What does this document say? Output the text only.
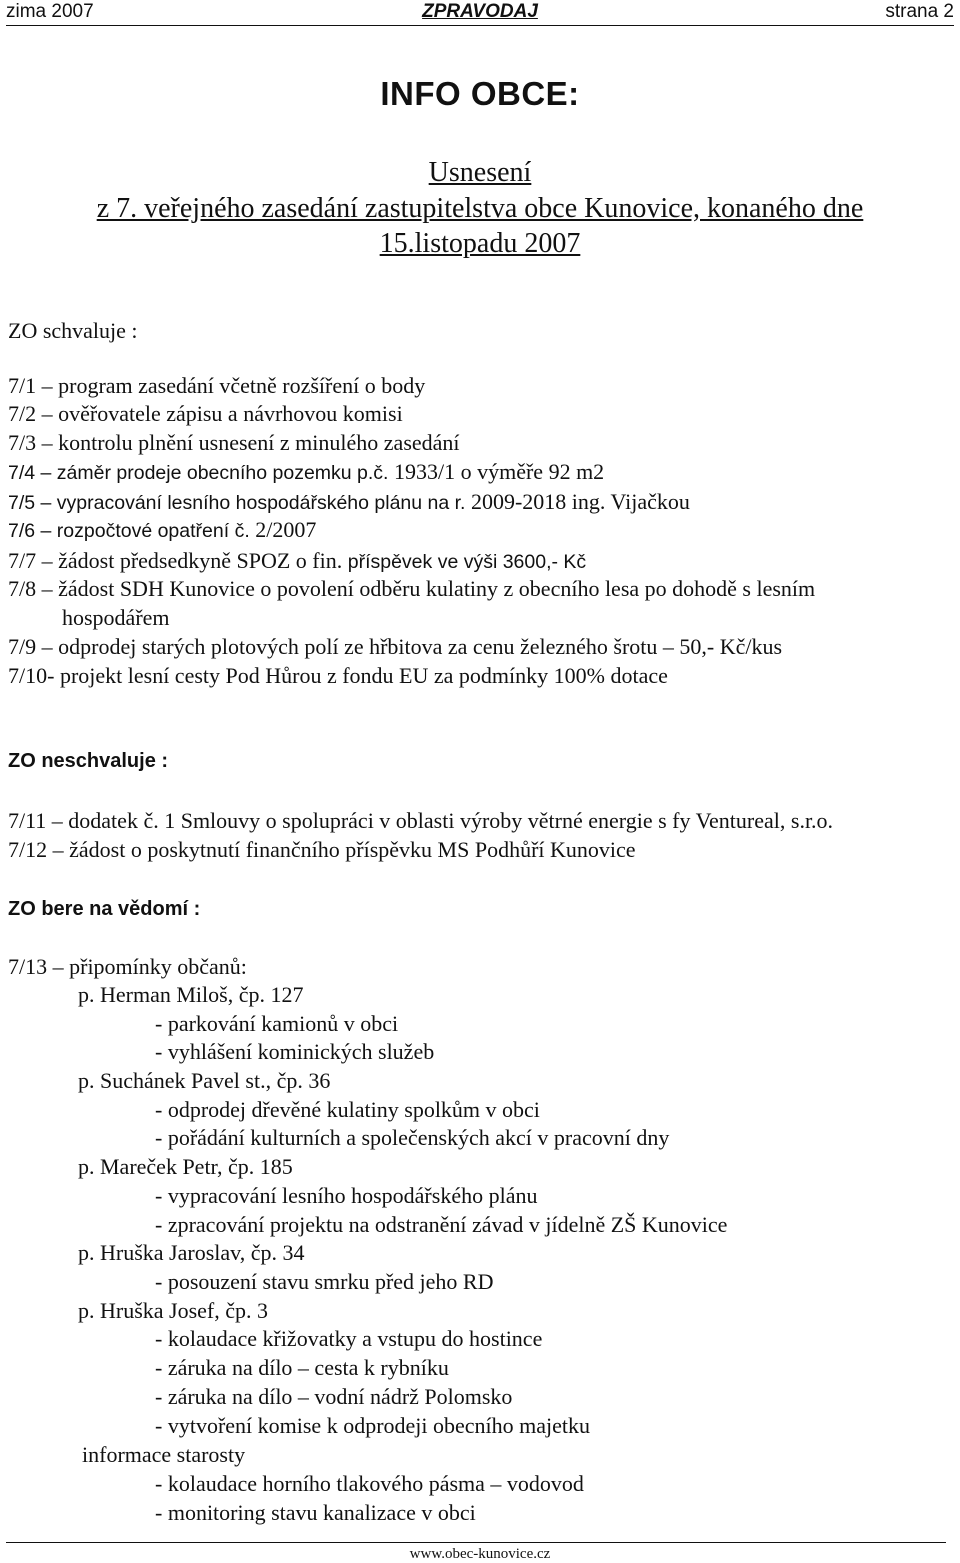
zima 2007	ZPRAVODAJ	strana 2
INFO OBCE:
Usnesení
z 7. veřejného zasedání zastupitelstva obce Kunovice, konaného dne
15.listopadu 2007
ZO schvaluje :
7/1 – program zasedání včetně rozšíření o body
7/2 – ověřovatele zápisu a návrhovou komisi
7/3 – kontrolu plnění usnesení z minulého zasedání
7/4 – záměr prodeje obecního pozemku p.č. 1933/1 o výměře 92 m2
7/5 – vypracování lesního hospodářského plánu na r. 2009-2018 ing. Vijačkou
7/6 – rozpočtové opatření č. 2/2007
7/7 – žádost předsedkyně SPOZ o fin. příspěvek ve výši 3600,- Kč
7/8 – žádost SDH Kunovice o povolení odběru kulatiny z obecního lesa po dohodě s lesním
hospodářem
7/9 – odprodej starých plotových polí ze hřbitova za cenu železného šrotu – 50,- Kč/kus
7/10- projekt lesní cesty Pod Hůrou z fondu EU za podmínky 100% dotace
ZO neschvaluje :
7/11 – dodatek č. 1 Smlouvy o spolupráci v oblasti výroby větrné energie s fy Ventureal, s.r.o.
7/12 – žádost o poskytnutí finančního příspěvku MS Podhůří Kunovice
ZO bere na vědomí :
7/13 – připomínky občanů:
p. Herman Miloš, čp. 127
- parkování kamionů v obci
- vyhlášení kominických služeb
p. Suchánek Pavel st., čp. 36
- odprodej dřevěné kulatiny spolkům v obci
- pořádání kulturních a společenských akcí v pracovní dny
p. Mareček Petr, čp. 185
- vypracování lesního hospodářského plánu
- zpracování projektu na odstranění závad v jídelně ZŠ Kunovice
p. Hruška Jaroslav, čp. 34
- posouzení stavu smrku před jeho RD
p. Hruška Josef, čp. 3
- kolaudace křižovatky a vstupu do hostince
- záruka na dílo – cesta k rybníku
- záruka na dílo – vodní nádrž Polomsko
- vytvoření komise k odprodeji obecního majetku
informace starosty
- kolaudace horního tlakového pásma – vodovod
- monitoring stavu kanalizace v obci
www.obec-kunovice.cz
